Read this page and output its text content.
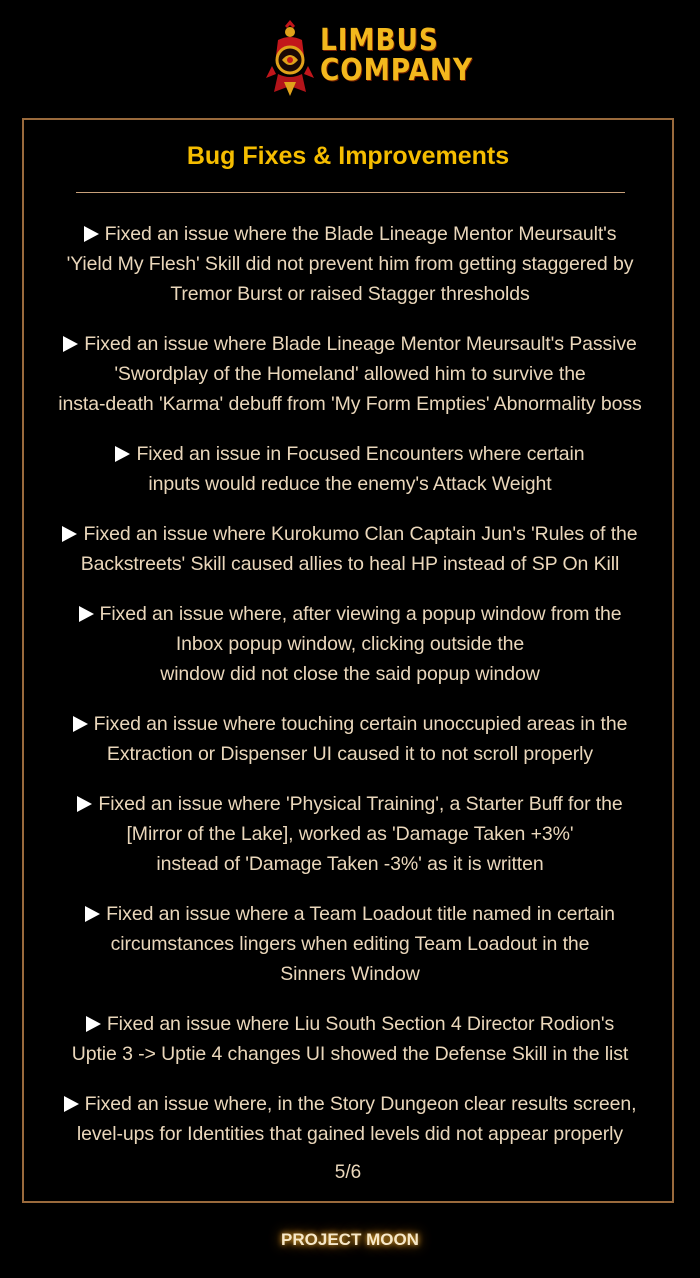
LIMBUS
COMPANY
Bug Fixes & Improvements
Fixed an issue where the Blade Lineage Mentor Meursault's
'Yield My Flesh' Skill did not prevent him from getting staggered by
Tremor Burst or raised Stagger thresholds
Fixed an issue where Blade Lineage Mentor Meursault's Passive
'Swordplay of the Homeland' allowed him to survive the
insta-death 'Karma' debuff from 'My Form Empties' Abnormality boss
Fixed an issue in Focused Encounters where certain
inputs would reduce the enemy's Attack Weight
Fixed an issue where Kurokumo Clan Captain Jun's 'Rules of the
Backstreets' Skill caused allies to heal HP instead of SP On Kill
Fixed an issue where, after viewing a popup window from the
Inbox popup window, clicking outside the
window did not close the said popup window
Fixed an issue where touching certain unoccupied areas in the
Extraction or Dispenser UI caused it to not scroll properly
Fixed an issue where 'Physical Training', a Starter Buff for the
[Mirror of the Lake], worked as 'Damage Taken +3%'
instead of 'Damage Taken -3%' as it is written
Fixed an issue where a Team Loadout title named in certain
circumstances lingers when editing Team Loadout in the
Sinners Window
Fixed an issue where Liu South Section 4 Director Rodion's
Uptie 3 -> Uptie 4 changes UI showed the Defense Skill in the list
Fixed an issue where, in the Story Dungeon clear results screen,
level-ups for Identities that gained levels did not appear properly
5/6
PROJECT MOON
